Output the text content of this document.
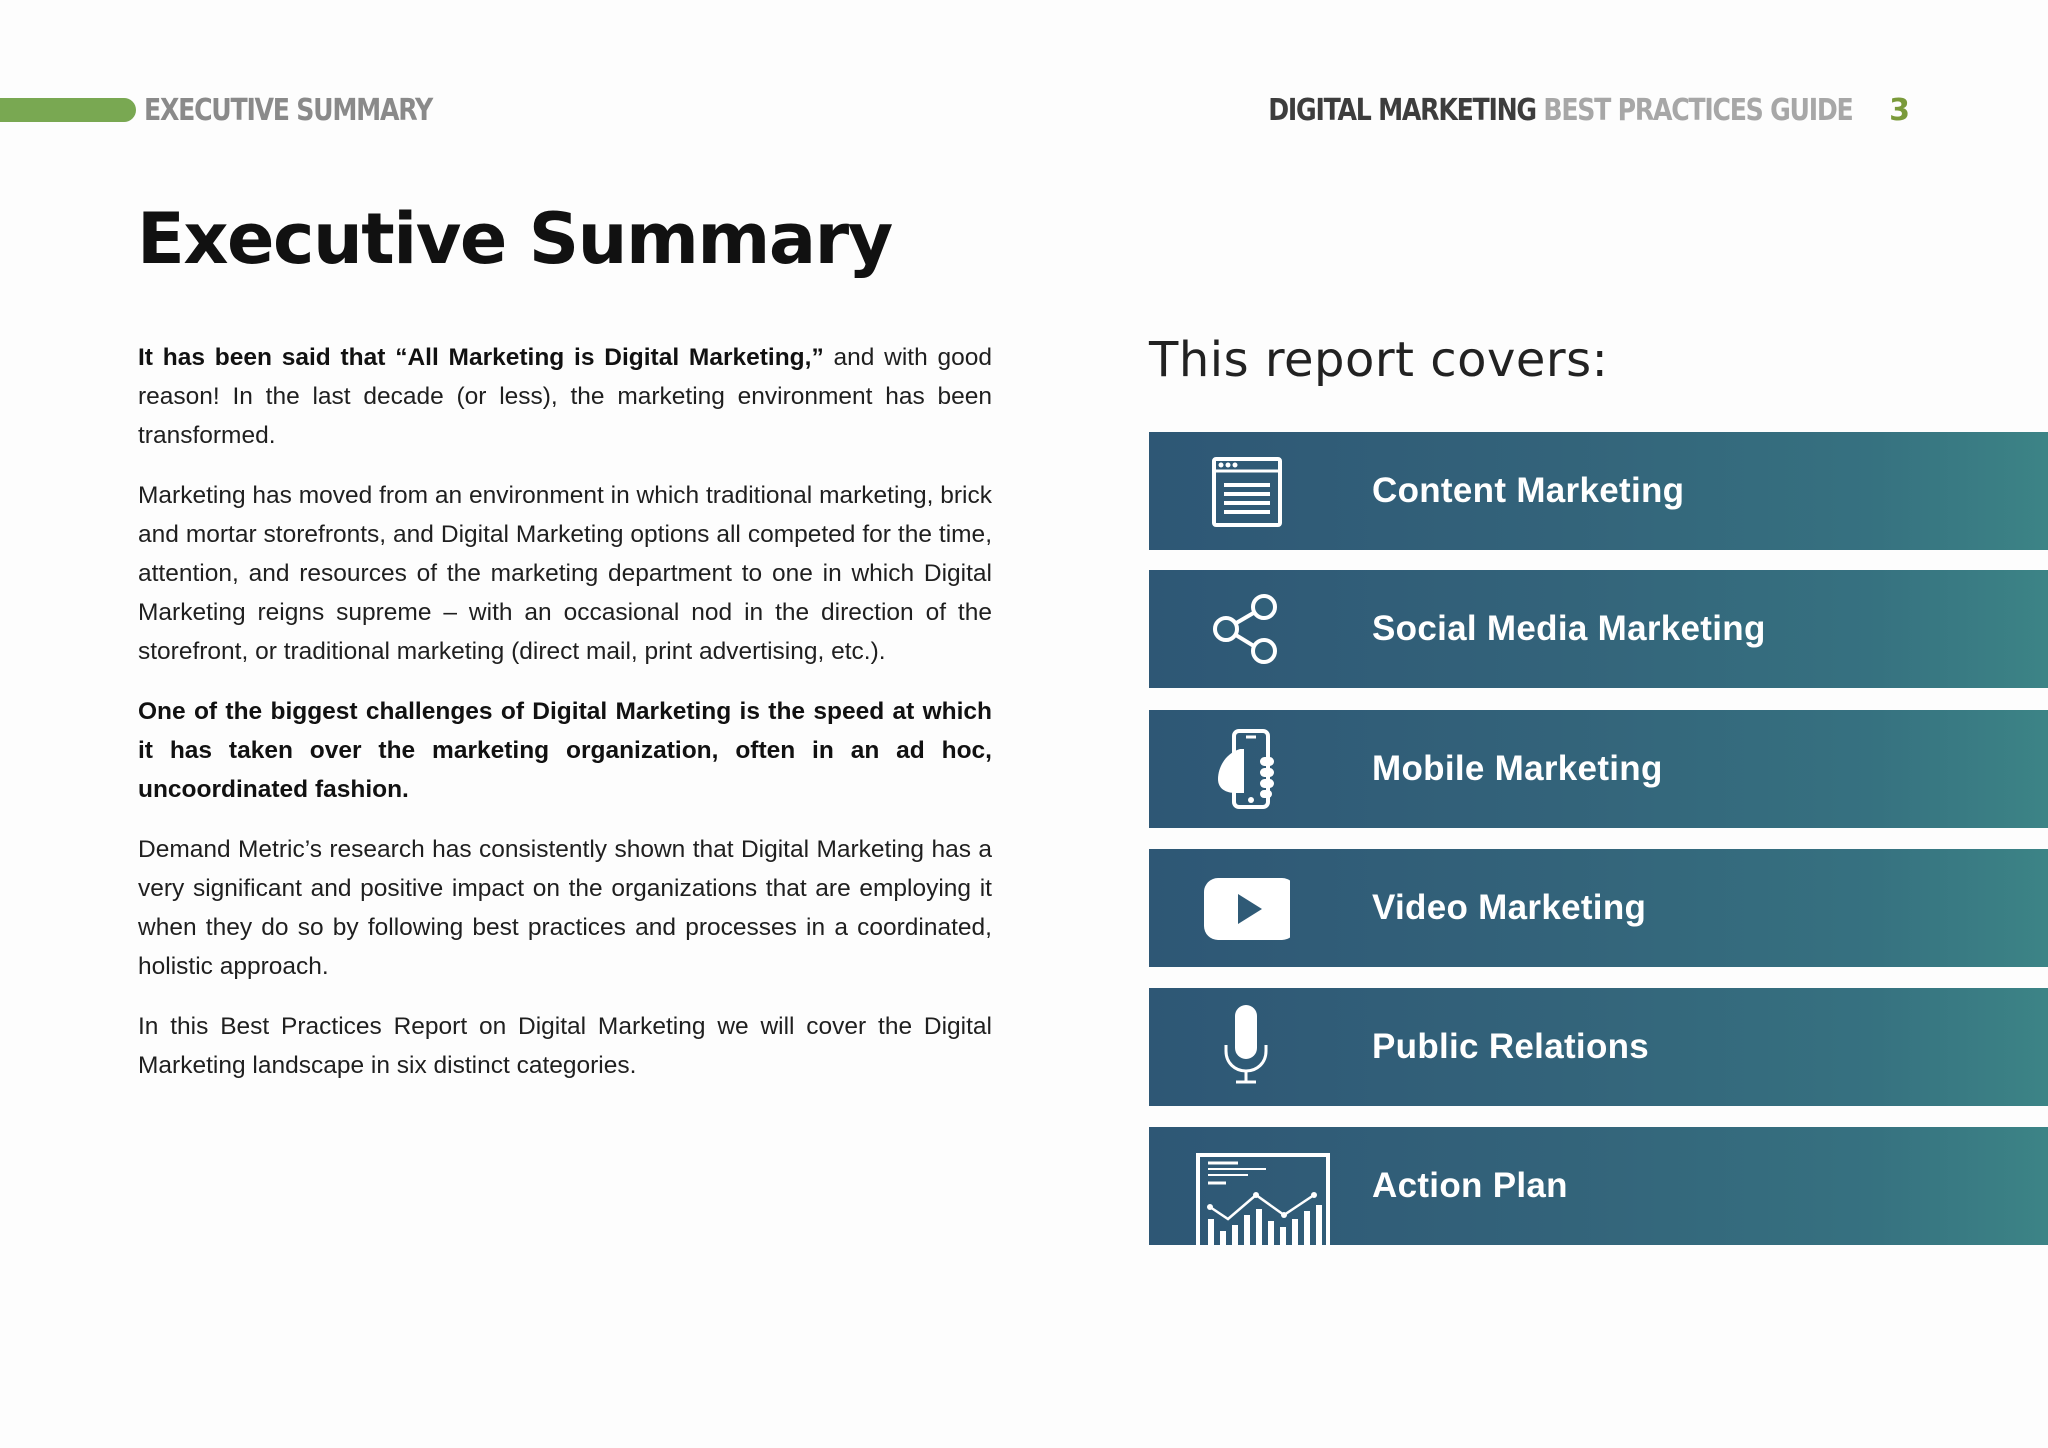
EXECUTIVE SUMMARY	DIGITAL MARKETING BEST PRACTICES GUIDE 3
Executive Summary

It has been said that “All Marketing is Digital Marketing,” and with good reason! In the last decade (or less), the marketing environment has been transformed.

Marketing has moved from an environment in which traditional marketing, brick and mortar storefronts, and Digital Marketing options all competed for the time, attention, and resources of the marketing department to one in which Digital Marketing reigns supreme – with an occasional nod in the direction of the storefront, or traditional marketing (direct mail, print advertising, etc.).

One of the biggest challenges of Digital Marketing is the speed at which it has taken over the marketing organization, often in an ad hoc, uncoordinated fashion.

Demand Metric’s research has consistently shown that Digital Marketing has a very significant and positive impact on the organizations that are employing it when they do so by following best practices and processes in a coordinated, holistic approach.

In this Best Practices Report on Digital Marketing we will cover the Digital Marketing landscape in six distinct categories.

This report covers:
Content Marketing
Social Media Marketing
Mobile Marketing
Video Marketing
Public Relations
Action Plan
